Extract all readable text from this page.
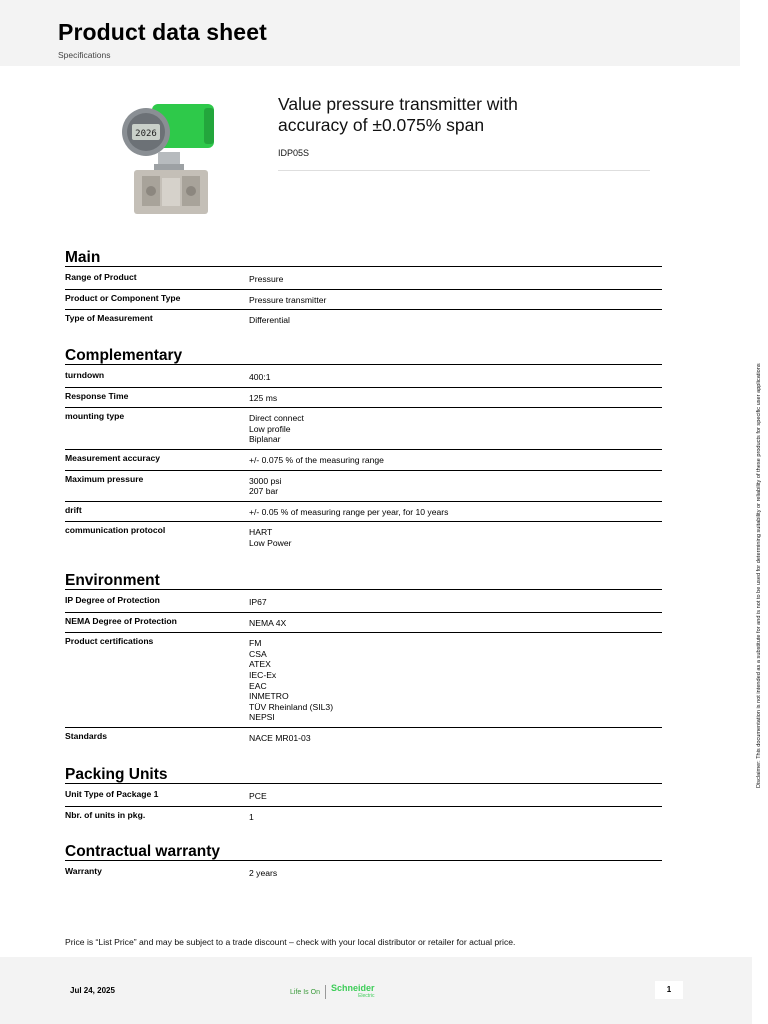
Product data sheet
Specifications
2026
Value pressure transmitter with
accuracy of ±0.075% span
IDP05S
Main
Range of Product	Pressure
Product or Component Type	Pressure transmitter
Type of Measurement	Differential
Complementary
turndown	400:1
Response Time	125 ms
mounting type	Direct connect
Low profile
Biplanar
Measurement accuracy	+/- 0.075 % of the measuring range
Maximum pressure	3000 psi
207 bar
drift	+/- 0.05 % of measuring range per year, for 10 years
communication protocol	HART
Low Power
Environment
IP Degree of Protection	IP67
NEMA Degree of Protection	NEMA 4X
Product certifications	FM
CSA
ATEX
IEC-Ex
EAC
INMETRO
TÜV Rheinland (SIL3)
NEPSI
Standards	NACE MR01-03
Packing Units
Unit Type of Package 1	PCE
Nbr. of units in pkg.	1
Contractual warranty
Warranty	2 years
Price is “List Price” and may be subject to a trade discount – check with your local distributor or retailer for actual price.
Jul 24, 2025	Life Is On Schneider
Electric
1
Disclaimer: This documentation is not intended as a substitute for and is not to be used for determining suitability or reliability of these products for specific user applications
